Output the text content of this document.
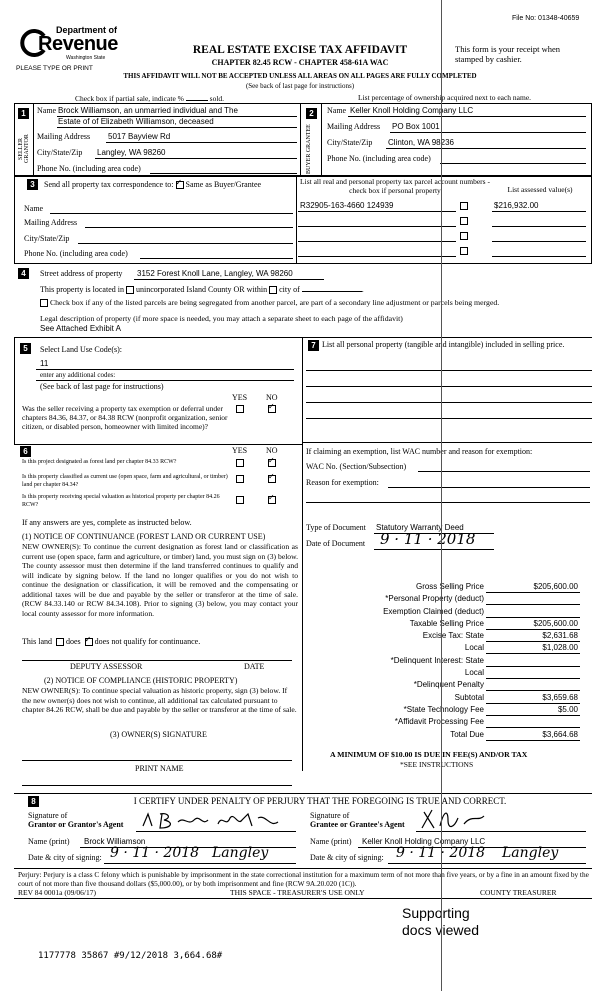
File No: 01348-40659
Department of
Revenue
Washington State
PLEASE TYPE OR PRINT
REAL ESTATE EXCISE TAX AFFIDAVIT
CHAPTER 82.45 RCW - CHAPTER 458-61A WAC
This form is your receipt when stamped by cashier.
THIS AFFIDAVIT WILL NOT BE ACCEPTED UNLESS ALL AREAS ON ALL PAGES ARE FULLY COMPLETED
(See back of last page for instructions)
Check box if partial sale, indicate %	sold.	List percentage of ownership acquired next to each name.
1
SELLER GRANTOR
Name Brock Williamson, an unmarried individual and The
Estate of of Elizabeth Williamson, deceased
Mailing Address 5017 Bayview Rd
City/State/Zip Langley, WA 98260
Phone No. (including area code)
2
BUYER GRANTEE
Name Keller Knoll Holding Company LLC
Mailing Address PO Box 1001
City/State/Zip Clinton, WA 98236
Phone No. (including area code)
3	Send all property tax correspondence to: ✓ Same as Buyer/Grantee
Name
Mailing Address
City/State/Zip
Phone No. (including area code)
List all real and personal property tax parcel account numbers - check box if personal property	List assessed value(s)
R32905-163-4660 124939	$216,932.00
4	Street address of property 3152 Forest Knoll Lane, Langley, WA 98260
This property is located in unincorporated Island County OR within city of	.
Check box if any of the listed parcels are being segregated from another parcel, are part of a secondary line adjustment or parcels being merged.
Legal description of property (if more space is needed, you may attach a separate sheet to each page of the affidavit)
See Attached Exhibit A
5	Select Land Use Code(s):
11
enter any additional codes:
(See back of last page for instructions)
YES NO
Was the seller receiving a property tax exemption or deferral under chapters 84.36, 84.37, or 84.38 RCW (nonprofit organization, senior citizen, or disabled person, homeowner with limited income)?
✓
6	YES NO
Is this project designated as forest land per chapter 84.33 RCW?
✓
Is this property classified as current use (open space, farm and agricultural, or timber) land per chapter 84.34?
✓
Is this property receiving special valuation as historical property per chapter 84.26 RCW?
✓
If any answers are yes, complete as instructed below.
(1) NOTICE OF CONTINUANCE (FOREST LAND OR CURRENT USE)
NEW OWNER(S): To continue the current designation as forest land or classification as current use (open space, farm and agriculture, or timber) land, you must sign on (3) below. The county assessor must then determine if the land transferred continues to qualify and will indicate by signing below. If the land no longer qualifies or you do not wish to continue the designation or classification, it will be removed and the compensating or additional taxes will be due and payable by the seller or transferor at the time of sale. (RCW 84.33.140 or RCW 84.34.108). Prior to signing (3) below, you may contact your local county assessor for more information.
This land does ✓ does not qualify for continuance.
DEPUTY ASSESSOR	DATE
(2) NOTICE OF COMPLIANCE (HISTORIC PROPERTY)
NEW OWNER(S): To continue special valuation as historic property, sign (3) below. If the new owner(s) does not wish to continue, all additional tax calculated pursuant to chapter 84.26 RCW, shall be due and payable by the seller or transferor at the time of sale.
(3) OWNER(S) SIGNATURE
PRINT NAME
7 List all personal property (tangible and intangible) included in selling price.
If claiming an exemption, list WAC number and reason for exemption:
WAC No. (Section/Subsection)
Reason for exemption:
Type of Document Statutory Warranty Deed
Date of Document 9 · 11 · 2018
Gross Selling Price	$205,600.00
*Personal Property (deduct)
Exemption Claimed (deduct)
Taxable Selling Price	$205,600.00
Excise Tax: State	$2,631.68
Local	$1,028.00
*Delinquent Interest: State
Local
*Delinquent Penalty
Subtotal	$3,659.68
*State Technology Fee	$5.00
*Affidavit Processing Fee
Total Due	$3,664.68
A MINIMUM OF $10.00 IS DUE IN FEE(S) AND/OR TAX
*SEE INSTRUCTIONS
8	I CERTIFY UNDER PENALTY OF PERJURY THAT THE FOREGOING IS TRUE AND CORRECT.
Signature of
Grantor or Grantor's Agent
Signature of
Grantee or Grantee's Agent
Name (print) Brock Williamson	Name (print) Keller Knoll Holding Company LLC
Date & city of signing: 9 · 11 · 2018 Langley	Date & city of signing: 9 · 11 · 2018 Langley
Perjury: Perjury is a class C felony which is punishable by imprisonment in the state correctional institution for a maximum term of not more than five years, or by a fine in an amount fixed by the court of not more than five thousand dollars ($5,000.00), or by both imprisonment and fine (RCW 9A.20.020 (1C)).
REV 84 0001a (09/06/17)	THIS SPACE - TREASURER'S USE ONLY	COUNTY TREASURER
Supporting
docs viewed
1177778 35867 #9/12/2018 3,664.68#
